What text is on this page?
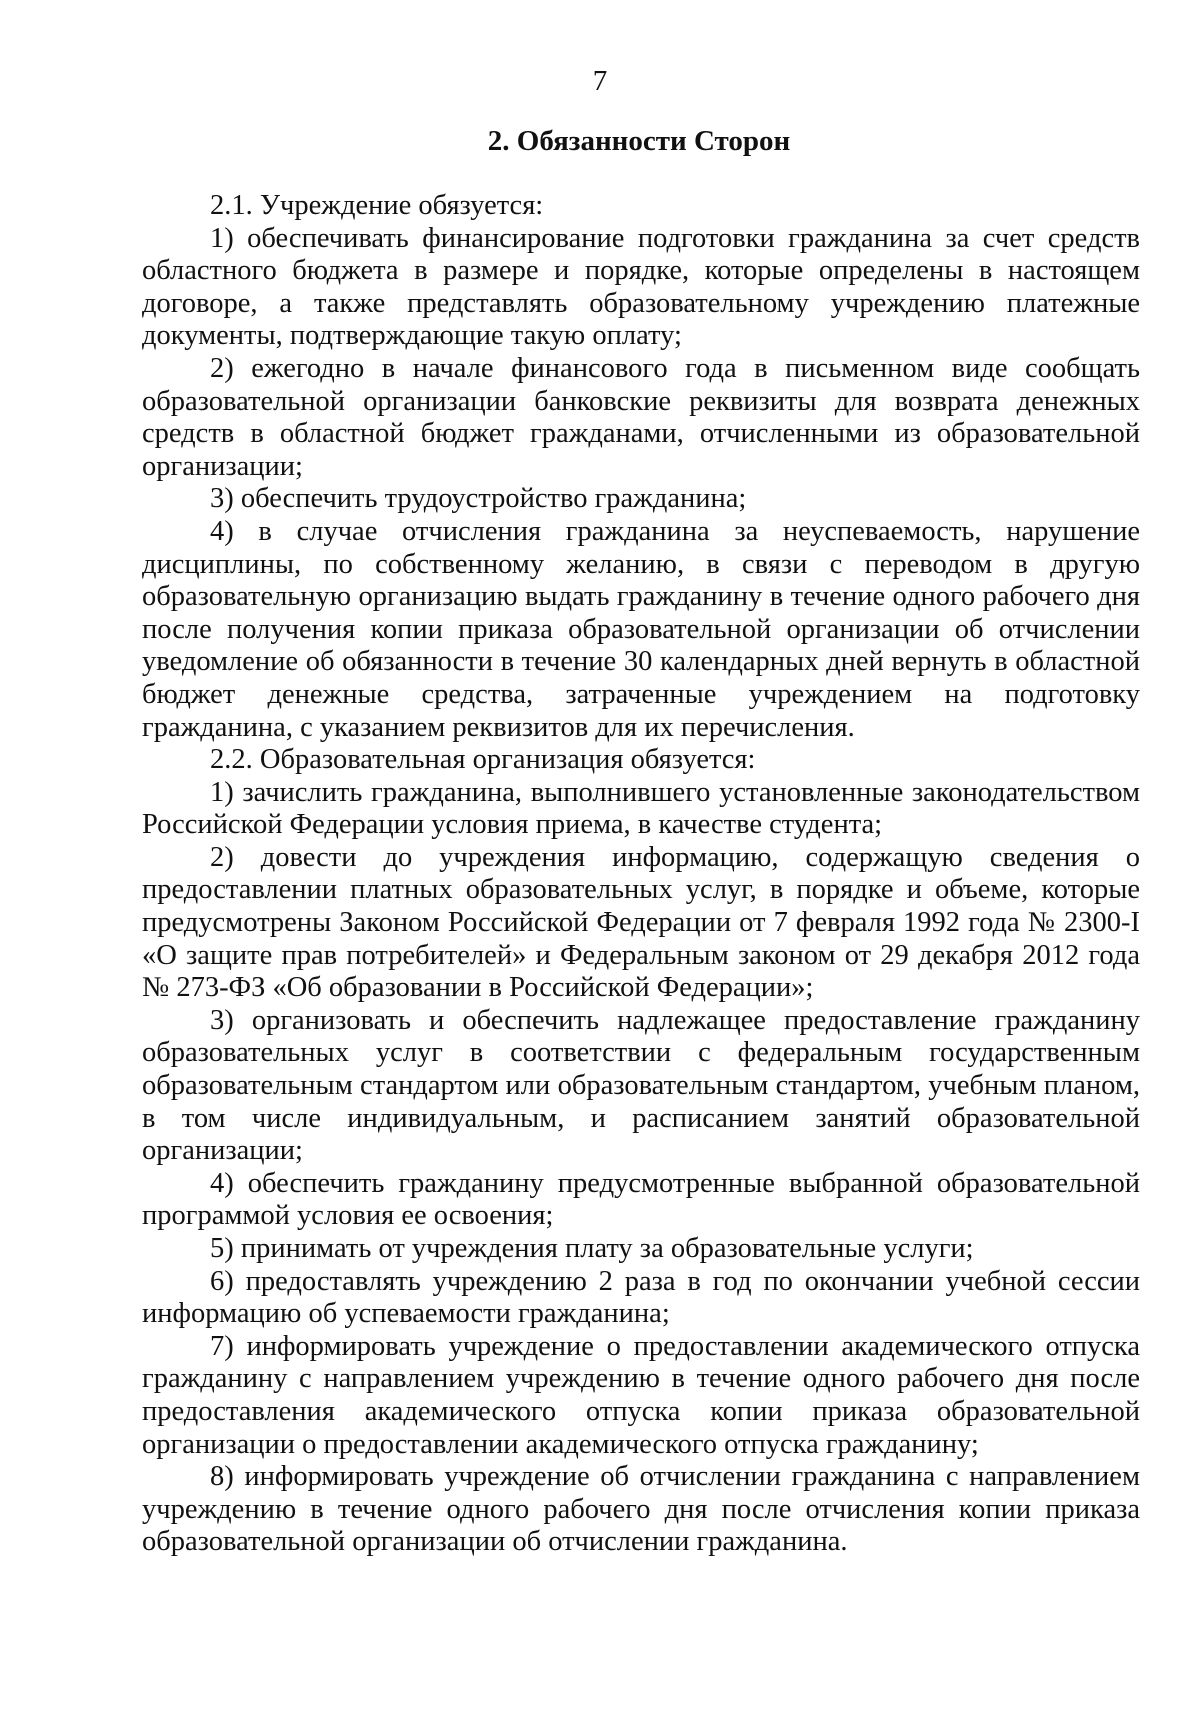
7
2. Обязанности Сторон

2.1. Учреждение обязуется:

1) обеспечивать финансирование подготовки гражданина за счет средств областного бюджета в размере и порядке, которые определены в настоящем договоре, а также представлять образовательному учреждению платежные документы, подтверждающие такую оплату;

2) ежегодно в начале финансового года в письменном виде сообщать образовательной организации банковские реквизиты для возврата денежных средств в областной бюджет гражданами, отчисленными из образовательной организации;

3) обеспечить трудоустройство гражданина;

4) в случае отчисления гражданина за неуспеваемость, нарушение дисциплины, по собственному желанию, в связи с переводом в другую образовательную организацию выдать гражданину в течение одного рабочего дня после получения копии приказа образовательной организации об отчислении уведомление об обязанности в течение 30 календарных дней вернуть в областной бюджет денежные средства, затраченные учреждением на подготовку гражданина, с указанием реквизитов для их перечисления.

2.2. Образовательная организация обязуется:

1) зачислить гражданина, выполнившего установленные законодательством Российской Федерации условия приема, в качестве студента;

2) довести до учреждения информацию, содержащую сведения о предоставлении платных образовательных услуг, в порядке и объеме, которые предусмотрены Законом Российской Федерации от 7 февраля 1992 года № 2300-I «О защите прав потребителей» и Федеральным законом от 29 декабря 2012 года № 273-ФЗ «Об образовании в Российской Федерации»;

3) организовать и обеспечить надлежащее предоставление гражданину образовательных услуг в соответствии с федеральным государственным образовательным стандартом или образовательным стандартом, учебным планом, в том числе индивидуальным, и расписанием занятий образовательной организации;

4) обеспечить гражданину предусмотренные выбранной образовательной программой условия ее освоения;

5) принимать от учреждения плату за образовательные услуги;

6) предоставлять учреждению 2 раза в год по окончании учебной сессии информацию об успеваемости гражданина;

7) информировать учреждение о предоставлении академического отпуска гражданину с направлением учреждению в течение одного рабочего дня после предоставления академического отпуска копии приказа образовательной организации о предоставлении академического отпуска гражданину;

8) информировать учреждение об отчислении гражданина с направлением учреждению в течение одного рабочего дня после отчисления копии приказа образовательной организации об отчислении гражданина.
